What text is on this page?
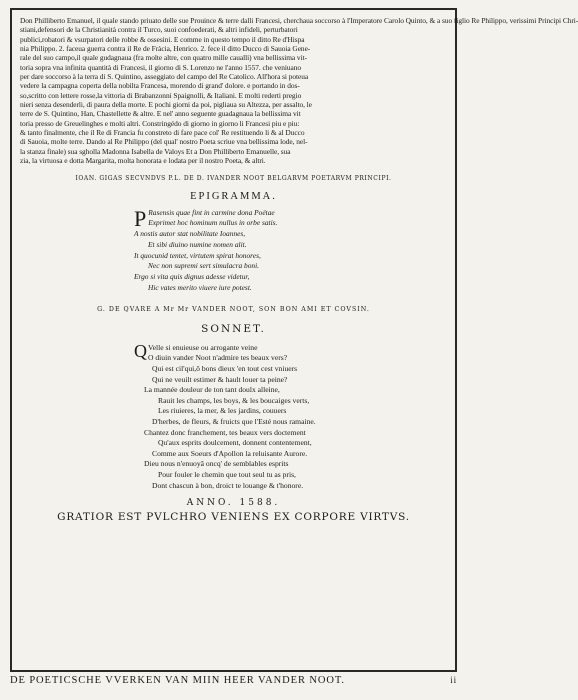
Don Philliberto Emanuel, il quale stando priuato delle sue Prouince & terre dalli Francesi, cherchaua soccorso à l'Imperatore Carolo Quinto, & a suo figlio Re Philippo, verissimi Principi Chri-
stiani,defensori de la Christianità contra il Turco, suoi confoederati, & altri infideli, perturbatori
publici,robatori & vsurpatori delle robbe & ossesini. E comme in questo tempo il ditto Re d'Hispa
nia Philippo. 2. faceua guerra contra il Re de Fràcia, Henrico. 2. fece il ditto Ducco di Sauoia Gene-
rale del suo campo,il quale gudagnaua (fra molte altre, con quatro mille caualli) vna bellissima vit-
toria sopra vna infinita quantità di Francesi, il giorno di S. Lorenzo ne l'anno 1557. che veniuano
per dare soccorso à la terra di S. Quintino, asseggiato del campo del Re Catolico. All'hora si poteua
vedere la campagna coperta della nobilta Francesa, morendo di grand' dolore. e portando in dos-
so,scritto con lettere rosse,la vittoria di Brabanzonni Spaignolli, & Italiani. E molti rederti pregio
nieri senza desenderli, di paura della morte. E pochi giorni da poi, pigliaua su Altezza, per assalto, le
terre de S. Quintino, Han, Chastellette & altre. E nel' anno seguente guadagnaua la bellissima vit
toria presso de Greuelinghes e molti altri. Constringédo di giorno in giorno li Francesi piu e piu:
& tanto finalmente, che il Re di Francia fu constreto di fare pace col' Re restituendo li & al Ducco
di Sauoia, molte terre. Dando al Re Philippo (del qual' nostro Poeta scriue vna bellissima lode, nel-
la stanza finale) sua sgholla Madonna Isabella de Valoys Et a Don Philliberto Emanuelle, sua
zia, la virtuosa e dotta Margarita, molta honorata e lodata per il nostro Poeta, & altri.
IOAN. GIGAS SECVNDVS P.L. DE D. IVANDER NOOT BELGARVM POETARVM PRINCIPI.
EPIGRAMMA.
P Rasensis quae fint in carmine dona Poëtae
Exprimet hoc hominum nullus in orbe satis.
A nostis autor stat nobilitate Ioannes,
Et sibi diuino numine nomen alit.
It quocunid tentet, virtutem spirat honores,
Nec non supremi sert simulacra boni.
Ergo si vita quis dignus adesse videtur,
Hic vates merito viuere iure potest.
G. DE QVARE A Mr Mr VANDER NOOT, SON BON AMI ET COVSIN.
SONNET.
Q Velle si enuieuse ou arrogante veine
O diuin vander Noot n'admire tes beaux vers?
Qui est cil'qui,ô bons dieux 'en tout cest vniuers
Qui ne veuilt estimer & hault louer ta peine?
La mannée douleur de ton tant doulx alleine,
Rauit les champs, les boys, & les boucaiges verts,
Les riuieres, la mer, & les jardins, couuers
D'herbes, de fleurs, & fruicts que l'Esté nous ramaine.
Chantez donc franchement, tes beaux vers doctement
Qu'aux esprits doulcement, donnent contentement,
Comme aux Soeurs d'Apollon la reluisante Aurore.
Dieu nous n'enuoyâ oncq' de semblables esprits
Pour fouler le chemin que tout seul tu as pris,
Dont chascun à bon, droict te louange & t'honore.
ANNO. 1588.
GRATIOR EST PVLCHRO VENIENS EX CORPORE VIRTVS.
DE POETICSCHE VVERKEN VAN MIIN HEER VANDER NOOT.	ii
